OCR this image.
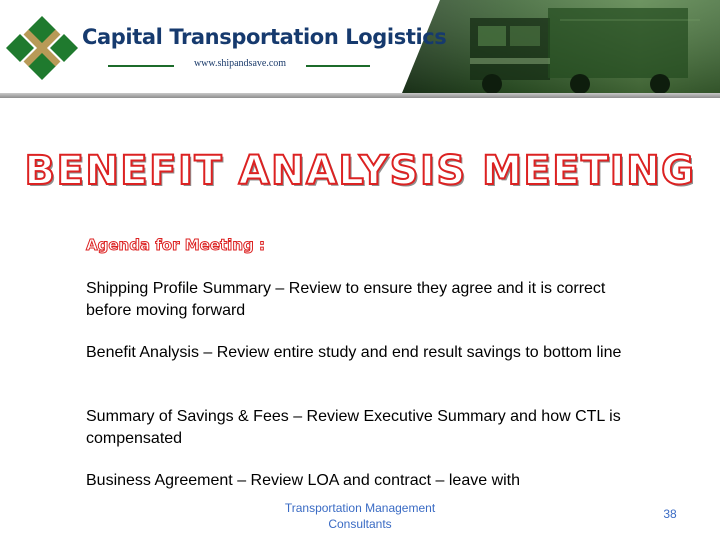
Capital Transportation Logistics
www.shipandsave.com
BENEFIT ANALYSIS MEETING
Agenda for Meeting :
Shipping Profile Summary – Review to ensure they agree and it is correct before moving forward
Benefit Analysis – Review entire study and end result savings to bottom line
Summary of Savings & Fees – Review Executive Summary and how CTL is compensated
Business Agreement – Review LOA and contract – leave with
Transportation Management Consultants
38
